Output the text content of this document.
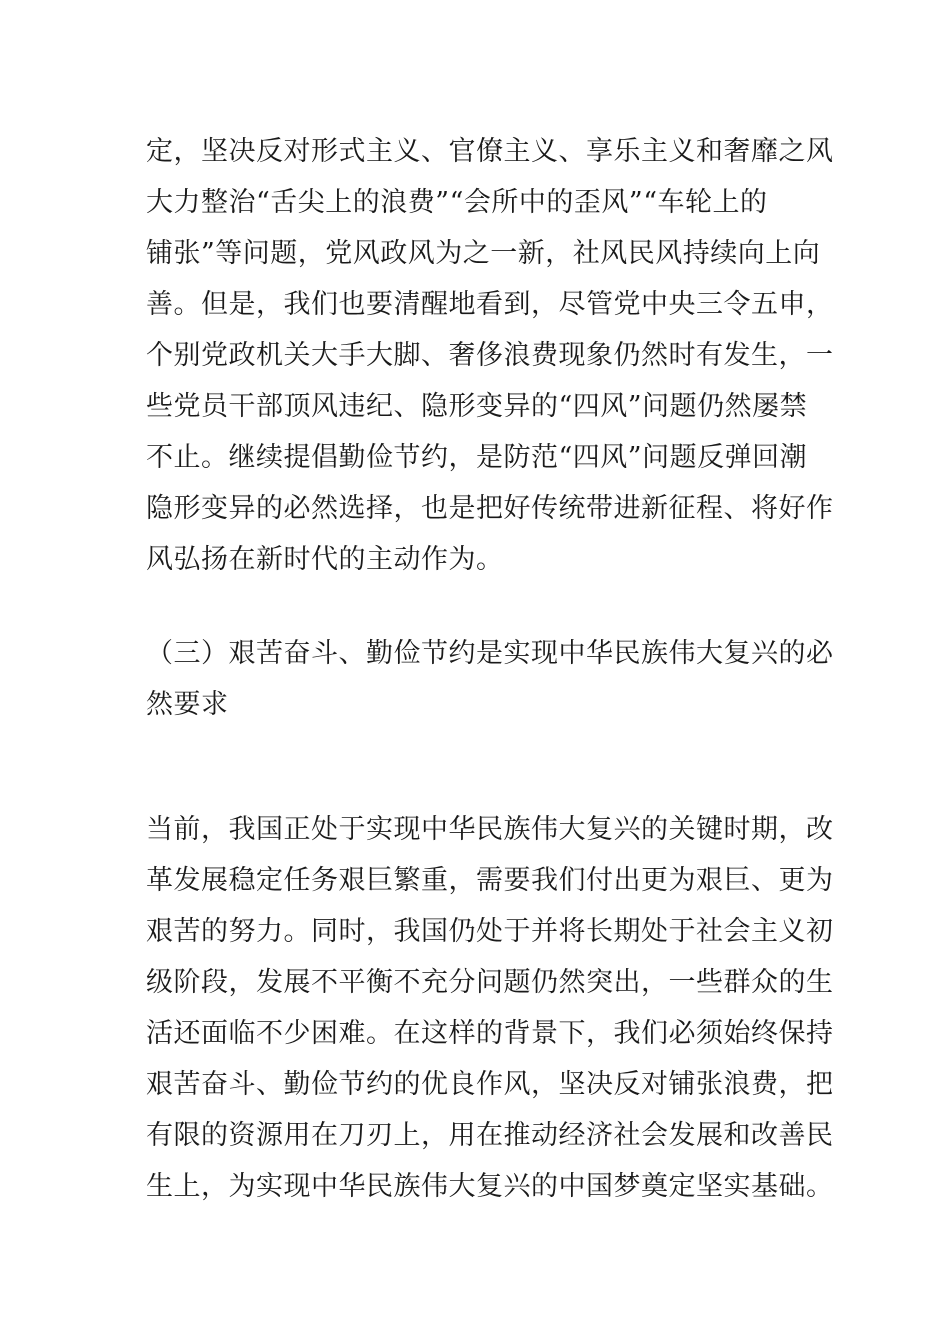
定，坚决反对形式主义、官僚主义、享乐主义和奢靡之风

大力整治“舌尖上的浪费”“会所中的歪风”“车轮上的

铺张”等问题，党风政风为之一新，社风民风持续向上向

善。但是，我们也要清醒地看到，尽管党中央三令五申，

个别党政机关大手大脚、奢侈浪费现象仍然时有发生，一

些党员干部顶风违纪、隐形变异的“四风”问题仍然屡禁

不止。继续提倡勤俭节约，是防范“四风”问题反弹回潮

隐形变异的必然选择，也是把好传统带进新征程、将好作

风弘扬在新时代的主动作为。

（三）艰苦奋斗、勤俭节约是实现中华民族伟大复兴的必

然要求

当前，我国正处于实现中华民族伟大复兴的关键时期，改

革发展稳定任务艰巨繁重，需要我们付出更为艰巨、更为

艰苦的努力。同时，我国仍处于并将长期处于社会主义初

级阶段，发展不平衡不充分问题仍然突出，一些群众的生

活还面临不少困难。在这样的背景下，我们必须始终保持

艰苦奋斗、勤俭节约的优良作风，坚决反对铺张浪费，把

有限的资源用在刀刃上，用在推动经济社会发展和改善民

生上，为实现中华民族伟大复兴的中国梦奠定坚实基础。
